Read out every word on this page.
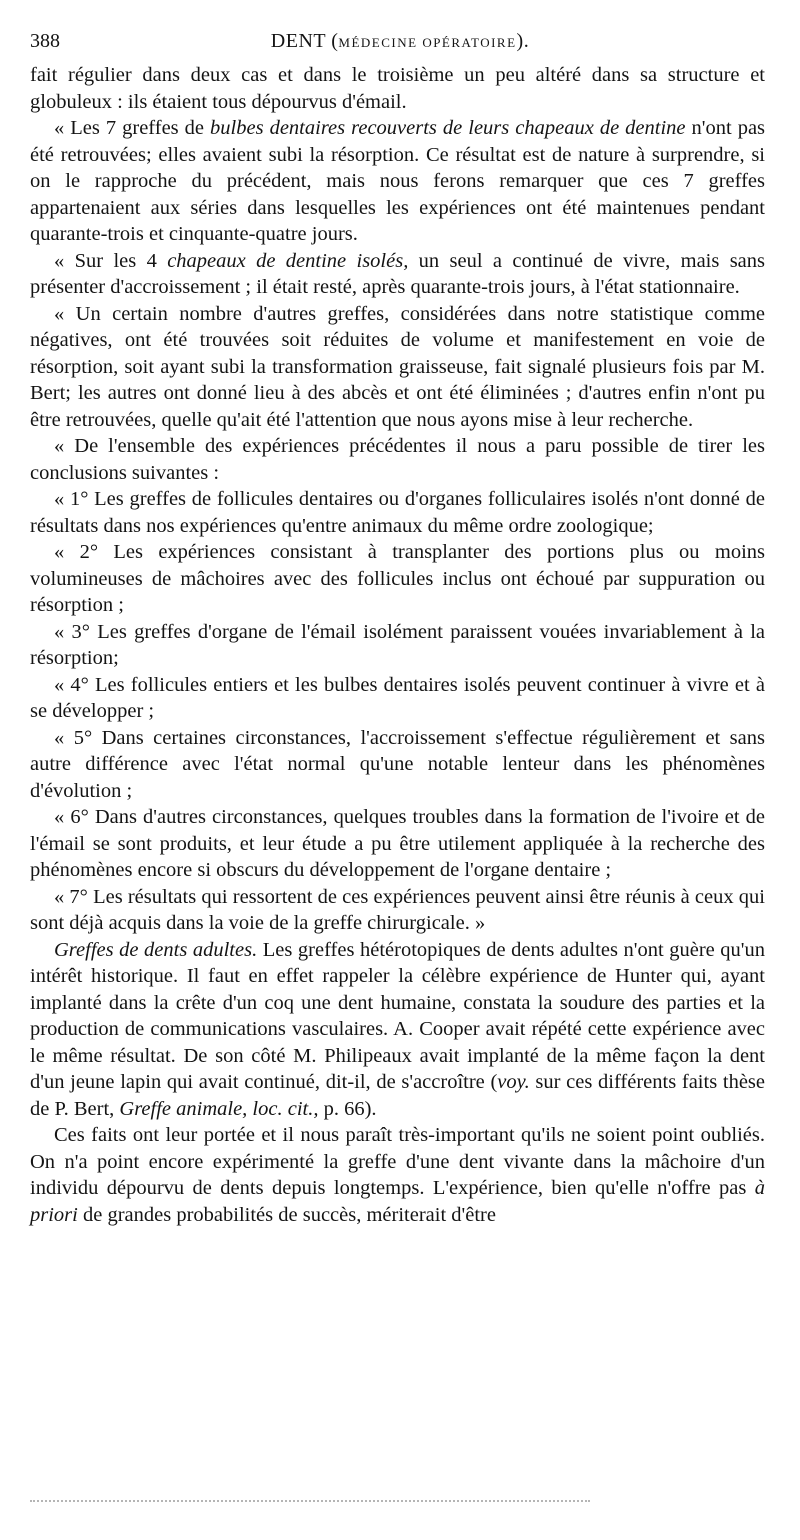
388	DENT (MÉDECINE OPÉRATOIRE).

fait régulier dans deux cas et dans le troisième un peu altéré dans sa structure et globuleux : ils étaient tous dépourvus d'émail.

« Les 7 greffes de bulbes dentaires recouverts de leurs chapeaux de dentine n'ont pas été retrouvées; elles avaient subi la résorption. Ce résultat est de nature à surprendre, si on le rapproche du précédent, mais nous ferons remarquer que ces 7 greffes appartenaient aux séries dans lesquelles les expériences ont été maintenues pendant quarante-trois et cinquante-quatre jours.

« Sur les 4 chapeaux de dentine isolés, un seul a continué de vivre, mais sans présenter d'accroissement ; il était resté, après quarante-trois jours, à l'état stationnaire.

« Un certain nombre d'autres greffes, considérées dans notre statistique comme négatives, ont été trouvées soit réduites de volume et manifestement en voie de résorption, soit ayant subi la transformation graisseuse, fait signalé plusieurs fois par M. Bert; les autres ont donné lieu à des abcès et ont été éliminées ; d'autres enfin n'ont pu être retrouvées, quelle qu'ait été l'attention que nous ayons mise à leur recherche.

« De l'ensemble des expériences précédentes il nous a paru possible de tirer les conclusions suivantes :

« 1° Les greffes de follicules dentaires ou d'organes folliculaires isolés n'ont donné de résultats dans nos expériences qu'entre animaux du même ordre zoologique;

« 2° Les expériences consistant à transplanter des portions plus ou moins volumineuses de mâchoires avec des follicules inclus ont échoué par suppuration ou résorption ;

« 3° Les greffes d'organe de l'émail isolément paraissent vouées invariablement à la résorption;

« 4° Les follicules entiers et les bulbes dentaires isolés peuvent continuer à vivre et à se développer ;

« 5° Dans certaines circonstances, l'accroissement s'effectue régulièrement et sans autre différence avec l'état normal qu'une notable lenteur dans les phénomènes d'évolution ;

« 6° Dans d'autres circonstances, quelques troubles dans la formation de l'ivoire et de l'émail se sont produits, et leur étude a pu être utilement appliquée à la recherche des phénomènes encore si obscurs du développement de l'organe dentaire ;

« 7° Les résultats qui ressortent de ces expériences peuvent ainsi être réunis à ceux qui sont déjà acquis dans la voie de la greffe chirurgicale. »

Greffes de dents adultes. Les greffes hétérotopiques de dents adultes n'ont guère qu'un intérêt historique. Il faut en effet rappeler la célèbre expérience de Hunter qui, ayant implanté dans la crête d'un coq une dent humaine, constata la soudure des parties et la production de communications vasculaires. A. Cooper avait répété cette expérience avec le même résultat. De son côté M. Philipeaux avait implanté de la même façon la dent d'un jeune lapin qui avait continué, dit-il, de s'accroître (voy. sur ces différents faits thèse de P. Bert, Greffe animale, loc. cit., p. 66).

Ces faits ont leur portée et il nous paraît très-important qu'ils ne soient point oubliés. On n'a point encore expérimenté la greffe d'une dent vivante dans la mâchoire d'un individu dépourvu de dents depuis longtemps. L'expérience, bien qu'elle n'offre pas à priori de grandes probabilités de succès, mériterait d'être
